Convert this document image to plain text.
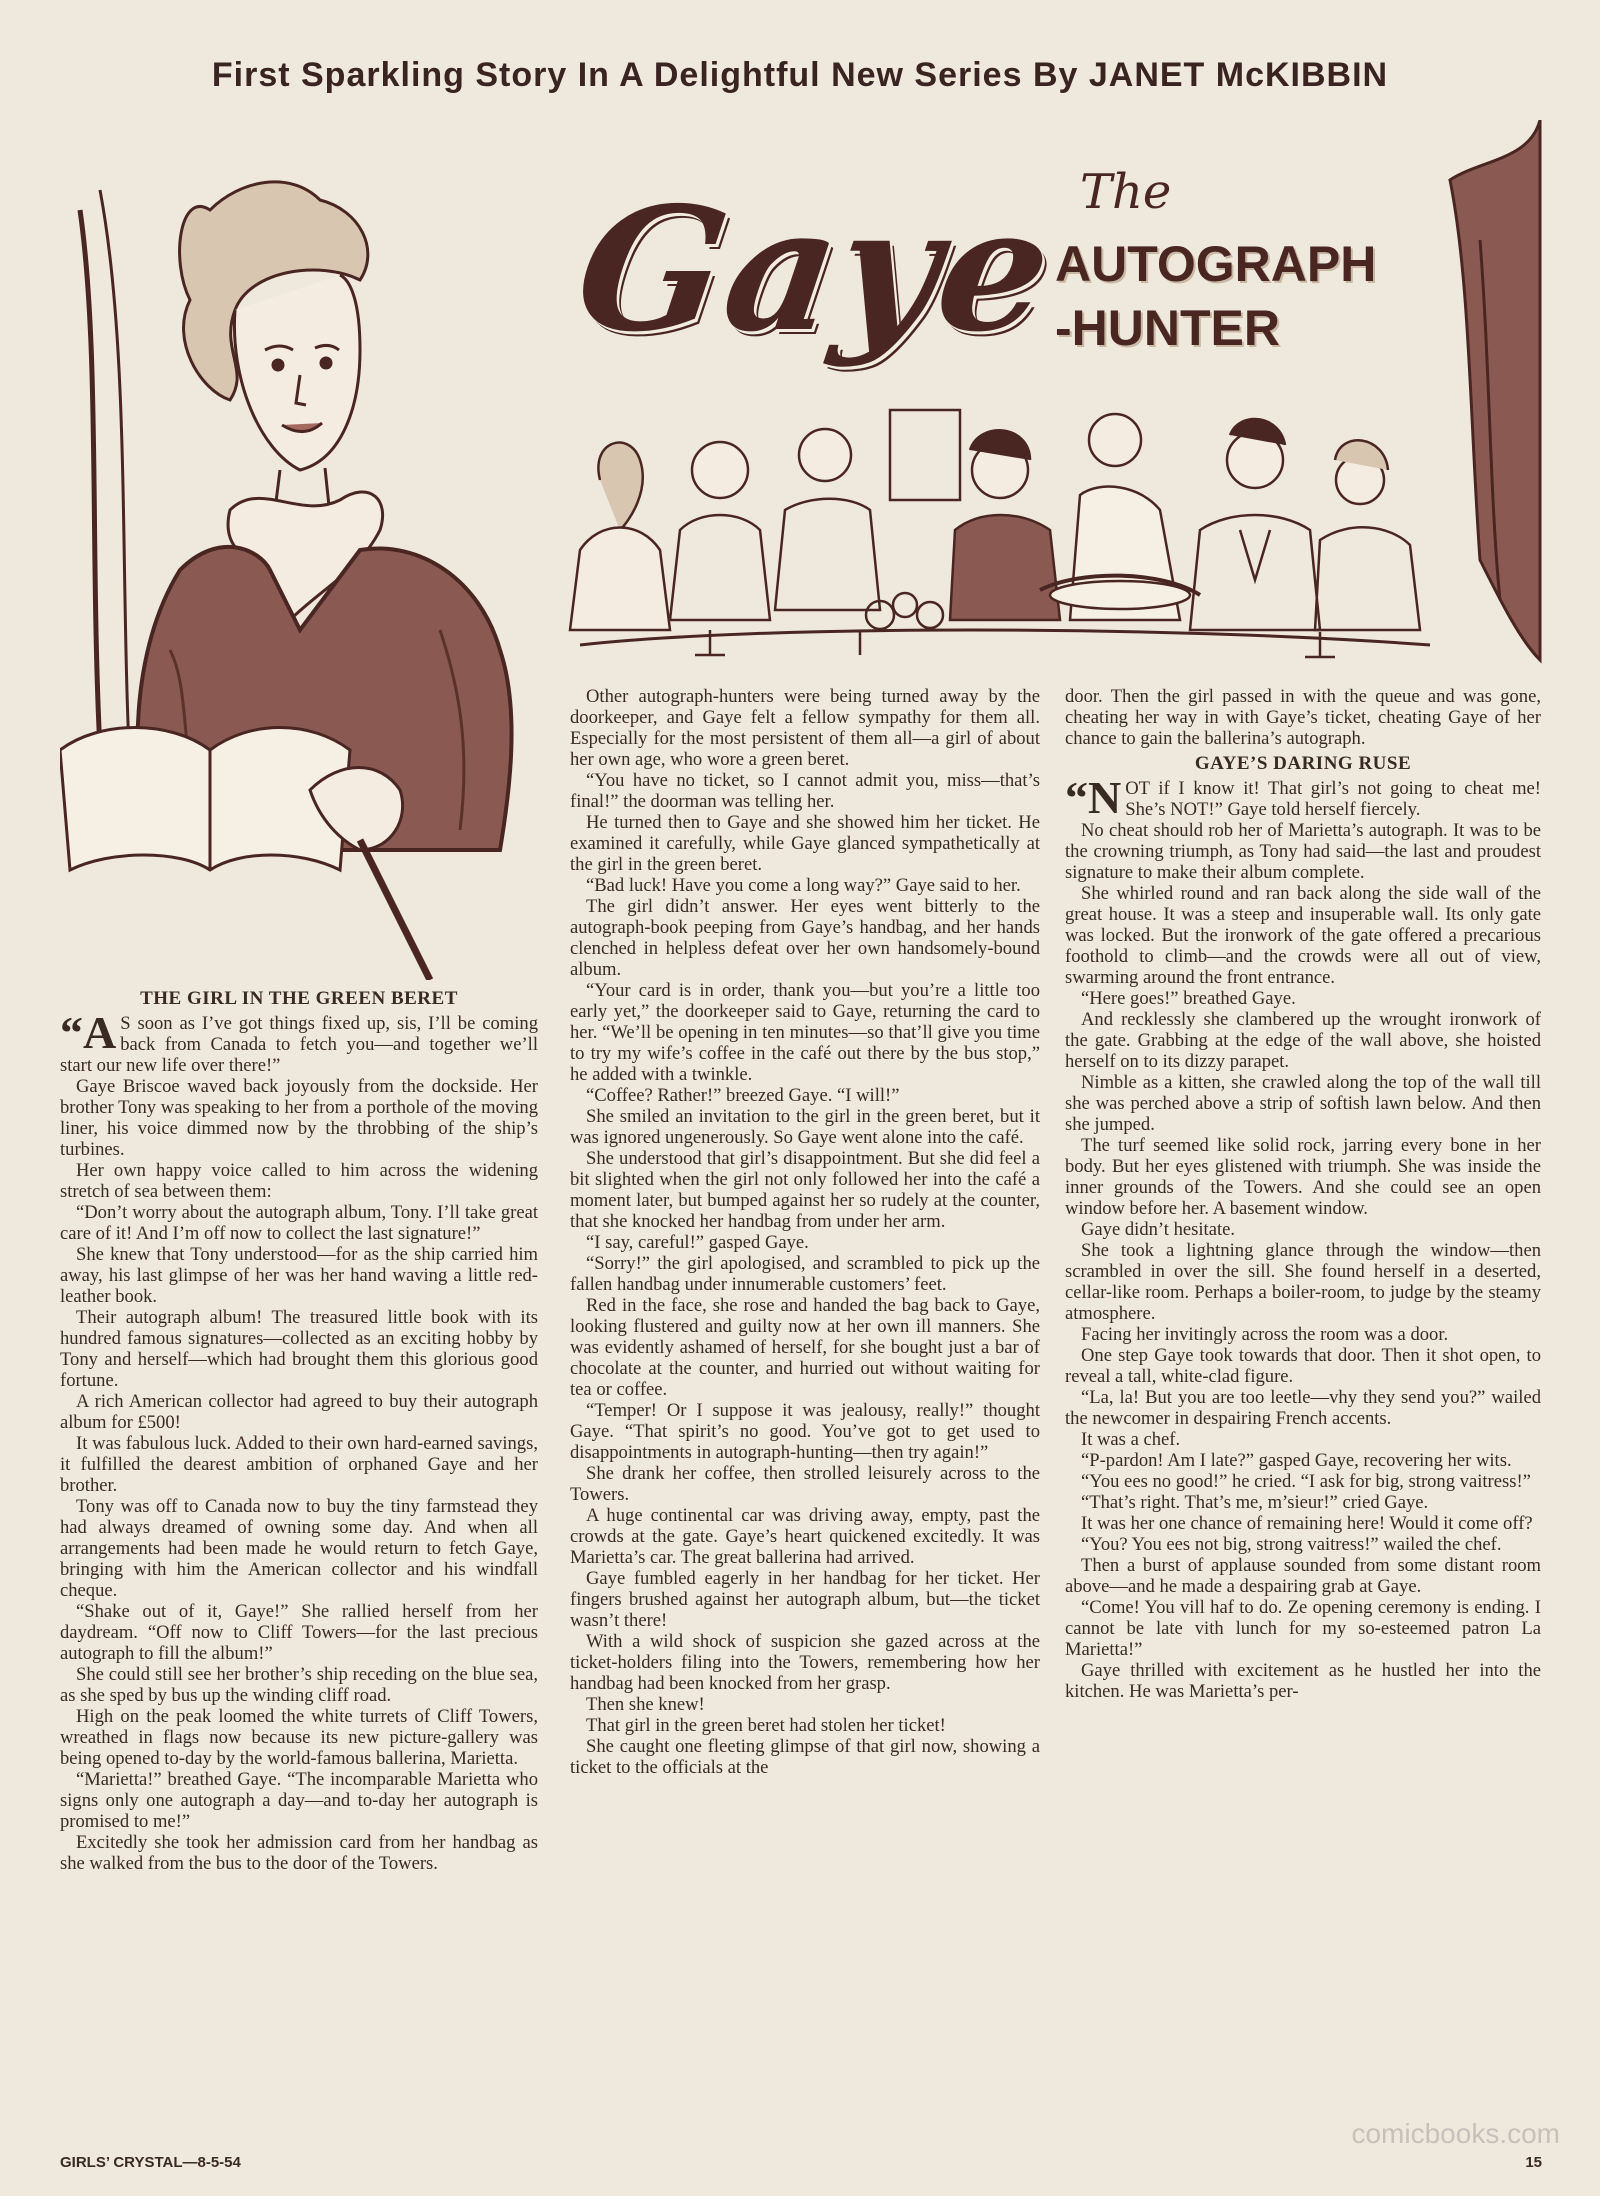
First Sparkling Story In A Delightful New Series By JANET McKIBBIN
Gaye The
AUTOGRAPH
-HUNTER
THE GIRL IN THE GREEN BERET

“A S soon as I’ve got things fixed up, sis, I’ll be coming back from Canada to fetch you—and together we’ll start our new life over there!”

Gaye Briscoe waved back joyously from the dockside. Her brother Tony was speaking to her from a porthole of the moving liner, his voice dimmed now by the throbbing of the ship’s turbines.

Her own happy voice called to him across the widening stretch of sea between them:

“Don’t worry about the autograph album, Tony. I’ll take great care of it! And I’m off now to collect the last signature!”

She knew that Tony understood—for as the ship carried him away, his last glimpse of her was her hand waving a little red-leather book.

Their autograph album! The treasured little book with its hundred famous signatures—collected as an exciting hobby by Tony and herself—which had brought them this glorious good fortune.

A rich American collector had agreed to buy their autograph album for £500!

It was fabulous luck. Added to their own hard-earned savings, it fulfilled the dearest ambition of orphaned Gaye and her brother.

Tony was off to Canada now to buy the tiny farmstead they had always dreamed of owning some day. And when all arrangements had been made he would return to fetch Gaye, bringing with him the American collector and his windfall cheque.

“Shake out of it, Gaye!” She rallied herself from her daydream. “Off now to Cliff Towers—for the last precious autograph to fill the album!”

She could still see her brother’s ship receding on the blue sea, as she sped by bus up the winding cliff road.

High on the peak loomed the white turrets of Cliff Towers, wreathed in flags now because its new picture-gallery was being opened to-day by the world-famous ballerina, Marietta.

“Marietta!” breathed Gaye. “The incomparable Marietta who signs only one autograph a day—and to-day her autograph is promised to me!”

Excitedly she took her admission card from her handbag as she walked from the bus to the door of the Towers.

Other autograph-hunters were being turned away by the doorkeeper, and Gaye felt a fellow sympathy for them all. Especially for the most persistent of them all—a girl of about her own age, who wore a green beret.

“You have no ticket, so I cannot admit you, miss—that’s final!” the doorman was telling her.

He turned then to Gaye and she showed him her ticket. He examined it carefully, while Gaye glanced sympathetically at the girl in the green beret.

“Bad luck! Have you come a long way?” Gaye said to her.

The girl didn’t answer. Her eyes went bitterly to the autograph-book peeping from Gaye’s handbag, and her hands clenched in helpless defeat over her own handsomely-bound album.

“Your card is in order, thank you—but you’re a little too early yet,” the doorkeeper said to Gaye, returning the card to her. “We’ll be opening in ten minutes—so that’ll give you time to try my wife’s coffee in the café out there by the bus stop,” he added with a twinkle.

“Coffee? Rather!” breezed Gaye. “I will!”

She smiled an invitation to the girl in the green beret, but it was ignored ungenerously. So Gaye went alone into the café.

She understood that girl’s disappointment. But she did feel a bit slighted when the girl not only followed her into the café a moment later, but bumped against her so rudely at the counter, that she knocked her handbag from under her arm.

“I say, careful!” gasped Gaye.

“Sorry!” the girl apologised, and scrambled to pick up the fallen handbag under innumerable customers’ feet.

Red in the face, she rose and handed the bag back to Gaye, looking flustered and guilty now at her own ill manners. She was evidently ashamed of herself, for she bought just a bar of chocolate at the counter, and hurried out without waiting for tea or coffee.

“Temper! Or I suppose it was jealousy, really!” thought Gaye. “That spirit’s no good. You’ve got to get used to disappointments in autograph-hunting—then try again!”

She drank her coffee, then strolled leisurely across to the Towers.

A huge continental car was driving away, empty, past the crowds at the gate. Gaye’s heart quickened excitedly. It was Marietta’s car. The great ballerina had arrived.

Gaye fumbled eagerly in her handbag for her ticket. Her fingers brushed against her autograph album, but—the ticket wasn’t there!

With a wild shock of suspicion she gazed across at the ticket-holders filing into the Towers, remembering how her handbag had been knocked from her grasp.

Then she knew!

That girl in the green beret had stolen her ticket!

She caught one fleeting glimpse of that girl now, showing a ticket to the officials at the

door. Then the girl passed in with the queue and was gone, cheating her way in with Gaye’s ticket, cheating Gaye of her chance to gain the ballerina’s autograph.

GAYE’S DARING RUSE

“NOT if I know it! That girl’s not going to cheat me! She’s NOT!” Gaye told herself fiercely.

No cheat should rob her of Marietta’s autograph. It was to be the crowning triumph, as Tony had said—the last and proudest signature to make their album complete.

She whirled round and ran back along the side wall of the great house. It was a steep and insuperable wall. Its only gate was locked. But the ironwork of the gate offered a precarious foothold to climb—and the crowds were all out of view, swarming around the front entrance.

“Here goes!” breathed Gaye.

And recklessly she clambered up the wrought ironwork of the gate. Grabbing at the edge of the wall above, she hoisted herself on to its dizzy parapet.

Nimble as a kitten, she crawled along the top of the wall till she was perched above a strip of softish lawn below. And then she jumped.

The turf seemed like solid rock, jarring every bone in her body. But her eyes glistened with triumph. She was inside the inner grounds of the Towers. And she could see an open window before her. A basement window.

Gaye didn’t hesitate.

She took a lightning glance through the window—then scrambled in over the sill. She found herself in a deserted, cellar-like room. Perhaps a boiler-room, to judge by the steamy atmosphere.

Facing her invitingly across the room was a door.

One step Gaye took towards that door. Then it shot open, to reveal a tall, white-clad figure.

“La, la! But you are too leetle—vhy they send you?” wailed the newcomer in despairing French accents.

It was a chef.

“P-pardon! Am I late?” gasped Gaye, recovering her wits.

“You ees no good!” he cried. “I ask for big, strong vaitress!”

“That’s right. That’s me, m’sieur!” cried Gaye.

It was her one chance of remaining here! Would it come off?

“You? You ees not big, strong vaitress!” wailed the chef.

Then a burst of applause sounded from some distant room above—and he made a despairing grab at Gaye.

“Come! You vill haf to do. Ze opening ceremony is ending. I cannot be late vith lunch for my so-esteemed patron La Marietta!”

Gaye thrilled with excitement as he hustled her into the kitchen. He was Marietta’s per-

comicbooks.com
GIRLS’ CRYSTAL—8-5-54	15
